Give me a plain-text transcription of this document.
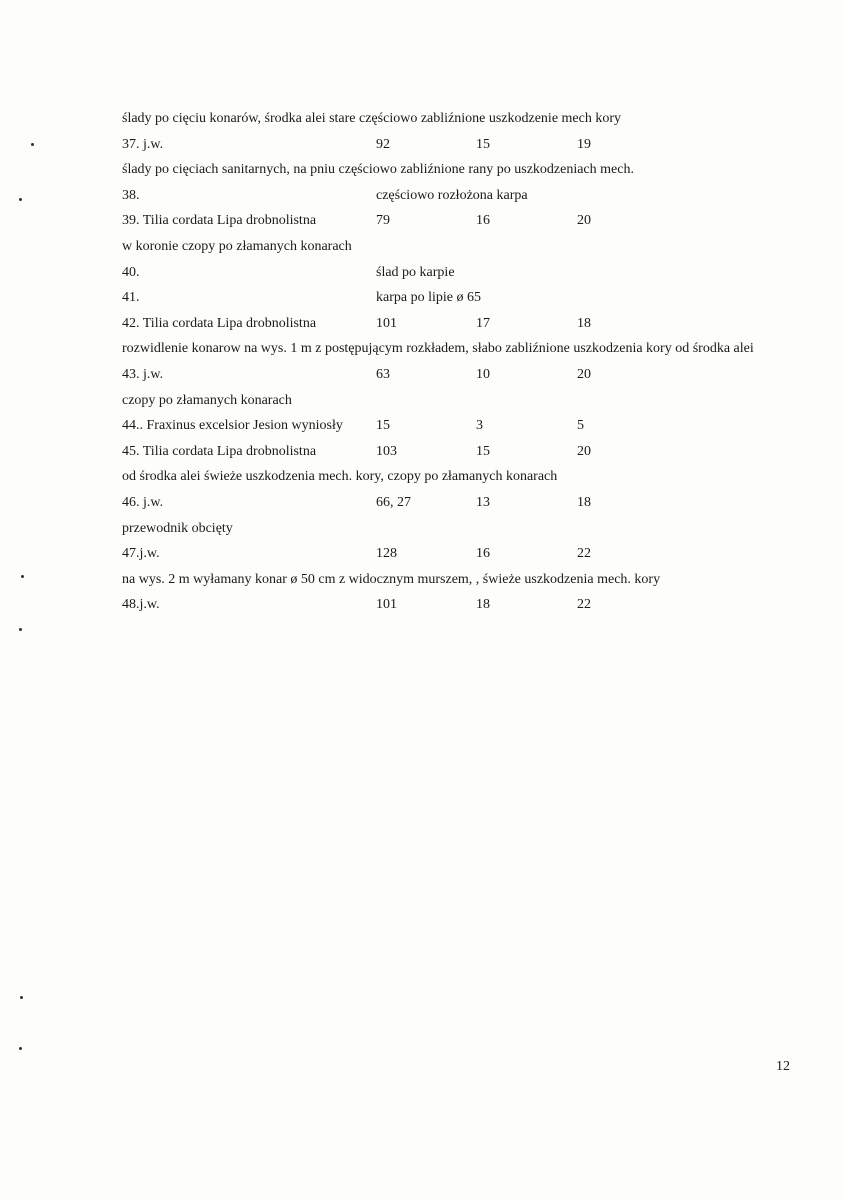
ślady po cięciu konarów, środka alei stare częściowo zabliźnione uszkodzenie mech kory
37. j.w.	92	15	19
ślady po cięciach sanitarnych, na pniu częściowo zabliźnione rany po uszkodzeniach mech.
38.	częściowo rozłożona karpa
39. Tilia cordata Lipa drobnolistna	79	16	20
w koronie czopy po złamanych konarach
40.	ślad po karpie
41.	karpa po lipie ø 65
42. Tilia cordata Lipa drobnolistna	101	17	18
rozwidlenie konarow na wys. 1 m z postępującym rozkładem, słabo zabliźnione uszkodzenia kory od środka alei
43. j.w.	63	10	20
czopy po złamanych konarach
44.. Fraxinus excelsior Jesion wyniosły 15	3	5
45. Tilia cordata Lipa drobnolistna	103	15	20
od środka alei świeże uszkodzenia mech. kory, czopy po złamanych konarach
46. j.w.	66, 27	13	18
przewodnik obcięty
47.j.w.	128	16	22
na wys. 2 m wyłamany konar ø 50 cm z widocznym murszem, , świeże uszkodzenia mech. kory
48.j.w.	101	18	22
12
